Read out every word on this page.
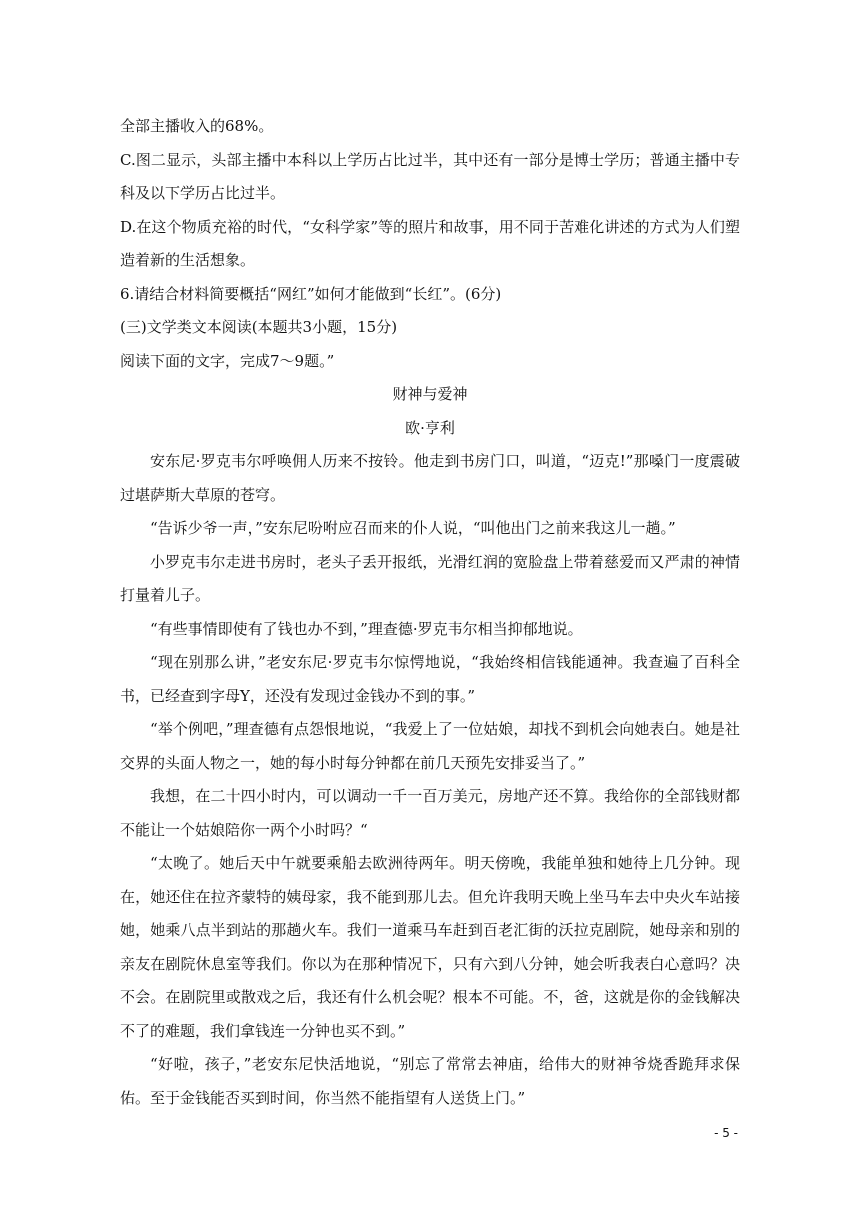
全部主播收入的68%。

C.图二显示，头部主播中本科以上学历占比过半，其中还有一部分是博士学历；普通主播中专科及以下学历占比过半。

D.在这个物质充裕的时代，“女科学家”等的照片和故事，用不同于苦难化讲述的方式为人们塑造着新的生活想象。

6.请结合材料简要概括“网红”如何才能做到“长红”。(6分)

(三)文学类文本阅读(本题共3小题，15分)

阅读下面的文字，完成7～9题。”

财神与爱神

欧·亨利

安东尼·罗克韦尔呼唤佣人历来不按铃。他走到书房门口，叫道，“迈克!”那嗓门一度震破过堪萨斯大草原的苍穹。

“告诉少爷一声，”安东尼吩咐应召而来的仆人说，“叫他出门之前来我这儿一趟。”

小罗克韦尔走进书房时，老头子丢开报纸，光滑红润的宽脸盘上带着慈爱而又严肃的神情打量着儿子。

“有些事情即使有了钱也办不到，”理查德·罗克韦尔相当抑郁地说。

“现在别那么讲，”老安东尼·罗克韦尔惊愕地说，“我始终相信钱能通神。我查遍了百科全书，已经查到字母Y，还没有发现过金钱办不到的事。”

“举个例吧，”理查德有点怨恨地说，“我爱上了一位姑娘，却找不到机会向她表白。她是社交界的头面人物之一，她的每小时每分钟都在前几天预先安排妥当了。”

我想，在二十四小时内，可以调动一千一百万美元，房地产还不算。我给你的全部钱财都不能让一个姑娘陪你一两个小时吗？“

“太晚了。她后天中午就要乘船去欧洲待两年。明天傍晚，我能单独和她待上几分钟。现在，她还住在拉齐蒙特的姨母家，我不能到那儿去。但允许我明天晚上坐马车去中央火车站接她，她乘八点半到站的那趟火车。我们一道乘马车赶到百老汇街的沃拉克剧院，她母亲和别的亲友在剧院休息室等我们。你以为在那种情况下，只有六到八分钟，她会听我表白心意吗？决不会。在剧院里或散戏之后，我还有什么机会呢？根本不可能。不，爸，这就是你的金钱解决不了的难题，我们拿钱连一分钟也买不到。”

“好啦，孩子，”老安东尼快活地说，“别忘了常常去神庙，给伟大的财神爷烧香跪拜求保佑。至于金钱能否买到时间，你当然不能指望有人送货上门。”

- 5 -
